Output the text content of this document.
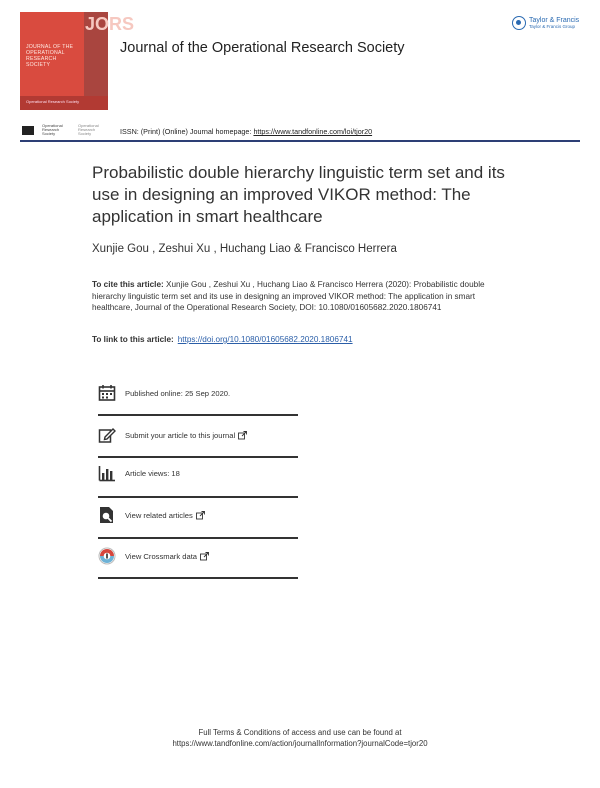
JORS
JOURNAL OF THE OPERATIONAL RESEARCH SOCIETY
Operational Research Society
Journal of the Operational Research Society
Taylor & Francis
Taylor & Francis Group
Operational Research Society
Operational Research Society	ISSN: (Print) (Online) Journal homepage: https://www.tandfonline.com/loi/tjor20
Probabilistic double hierarchy linguistic term set and its use in designing an improved VIKOR method: The application in smart healthcare
Xunjie Gou , Zeshui Xu , Huchang Liao & Francisco Herrera
To cite this article: Xunjie Gou , Zeshui Xu , Huchang Liao & Francisco Herrera (2020): Probabilistic double hierarchy linguistic term set and its use in designing an improved VIKOR method: The application in smart healthcare, Journal of the Operational Research Society, DOI: 10.1080/01605682.2020.1806741
To link to this article: https://doi.org/10.1080/01605682.2020.1806741
Published online: 25 Sep 2020.
Submit your article to this journal
Article views: 18
View related articles
View Crossmark data
Full Terms & Conditions of access and use can be found at
https://www.tandfonline.com/action/journalInformation?journalCode=tjor20
